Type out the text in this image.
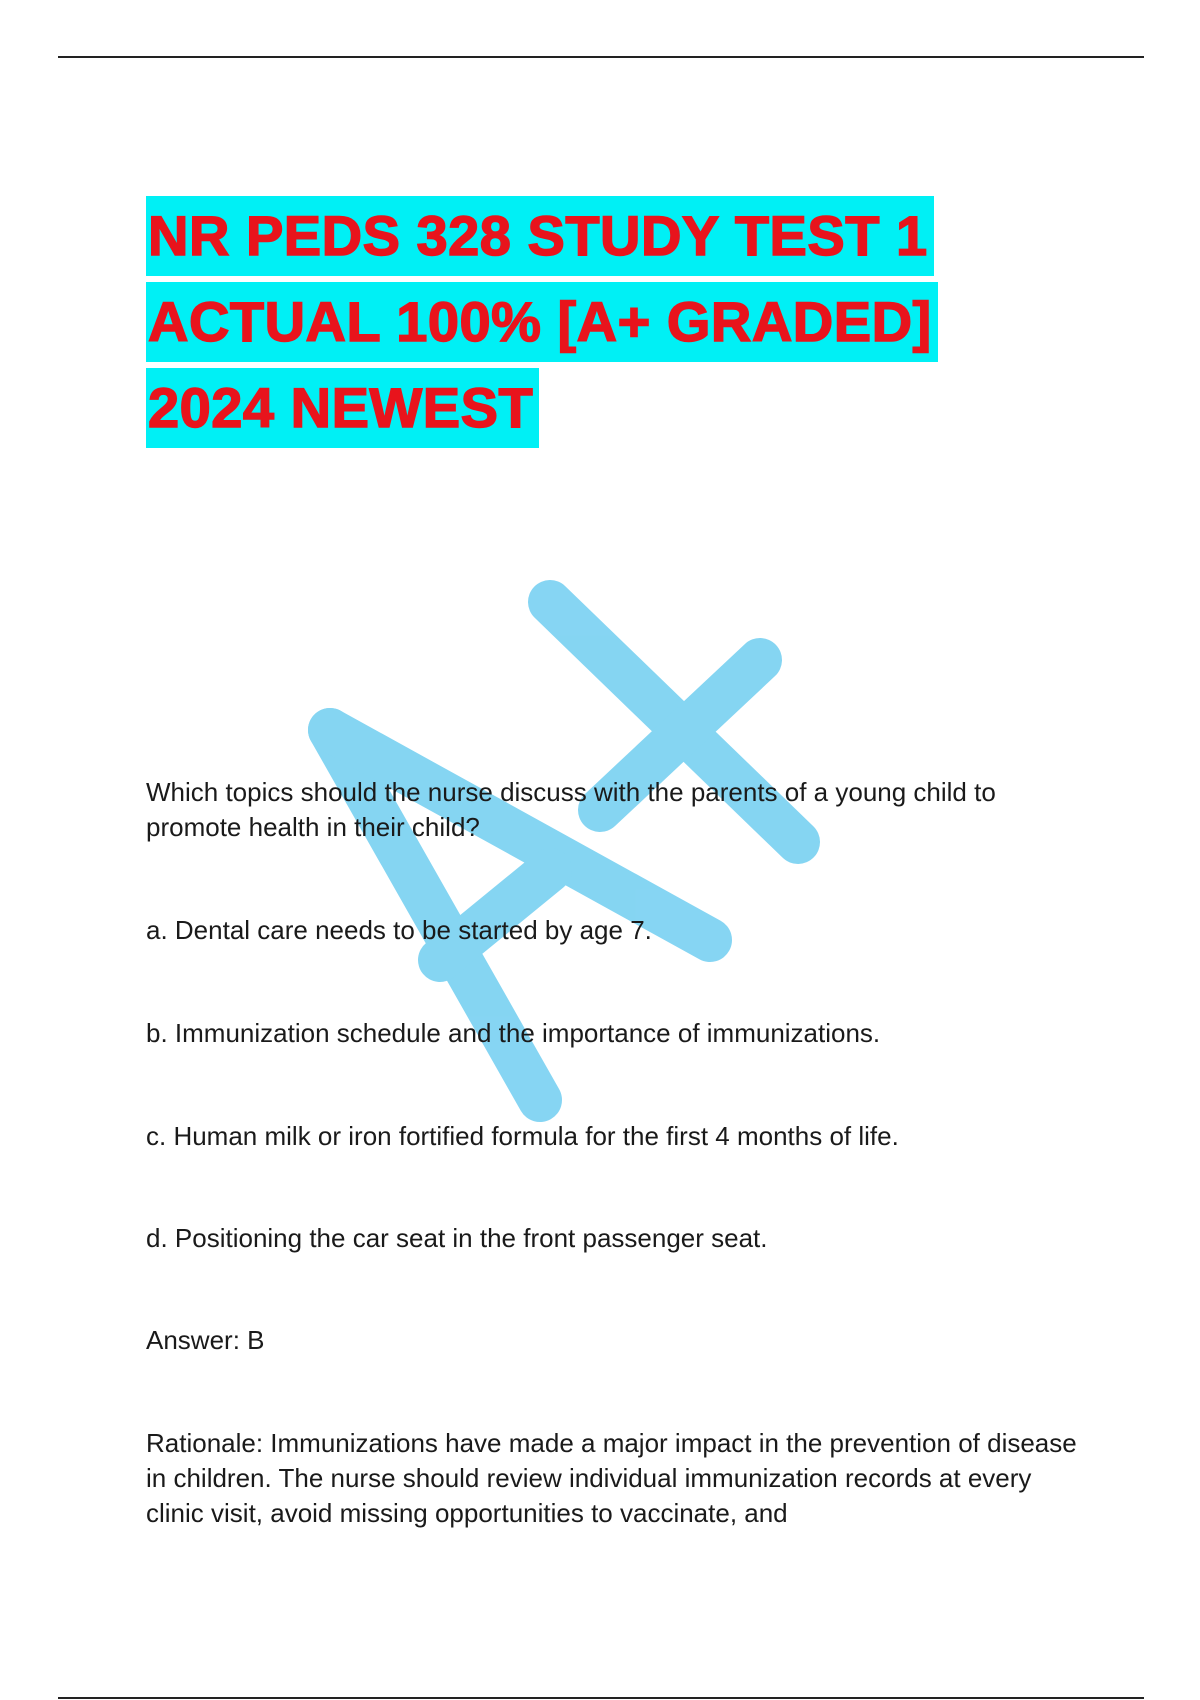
NR PEDS 328 STUDY TEST 1
ACTUAL 100% [A+ GRADED]
2024 NEWEST

Which topics should the nurse discuss with the parents of a young child to promote health in their child?

a. Dental care needs to be started by age 7.

b. Immunization schedule and the importance of immunizations.

c. Human milk or iron fortified formula for the first 4 months of life.

d. Positioning the car seat in the front passenger seat.

Answer: B

Rationale: Immunizations have made a major impact in the prevention of disease in children. The nurse should review individual immunization records at every clinic visit, avoid missing opportunities to vaccinate, and
